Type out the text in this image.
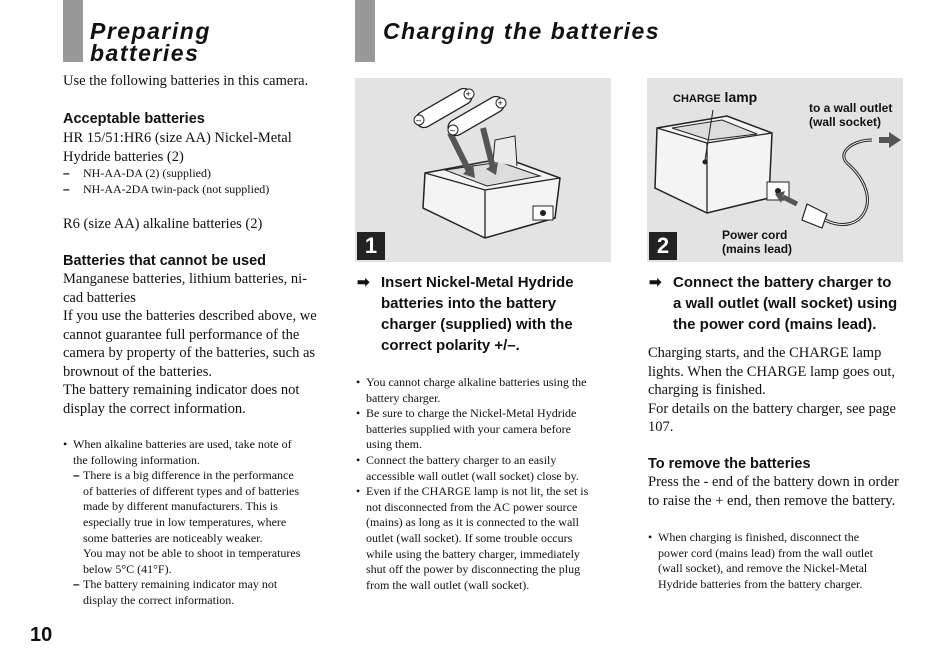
Preparing
batteries
Use the following batteries in this camera.
Acceptable batteries
HR 15/51:HR6 (size AA) Nickel-Metal
Hydride batteries (2)
– NH-AA-DA (2) (supplied)
– NH-AA-2DA twin-pack (not supplied)
R6 (size AA) alkaline batteries (2)
Batteries that cannot be used
Manganese batteries, lithium batteries, ni-
cad batteries
If you use the batteries described above, we
cannot guarantee full performance of the
camera by property of the batteries, such as
brownout of the batteries.
The battery remaining indicator does not
display the correct information.
• When alkaline batteries are used, take note of
the following information.
– There is a big difference in the performance
of batteries of different types and of batteries
made by different manufacturers. This is
especially true in low temperatures, where
some batteries are noticeably weaker.
You may not be able to shoot in temperatures
below 5°C (41°F).
– The battery remaining indicator may not
display the correct information.
10
Charging the batteries
–
+
–
+
1
CHARGE lamp
to a wall outlet
(wall socket)
Power cord
(mains lead)
2
➡ Insert Nickel-Metal Hydride
batteries into the battery
charger (supplied) with the
correct polarity +/–.
• You cannot charge alkaline batteries using the
battery charger.
• Be sure to charge the Nickel-Metal Hydride
batteries supplied with your camera before
using them.
• Connect the battery charger to an easily
accessible wall outlet (wall socket) close by.
• Even if the CHARGE lamp is not lit, the set is
not disconnected from the AC power source
(mains) as long as it is connected to the wall
outlet (wall socket). If some trouble occurs
while using the battery charger, immediately
shut off the power by disconnecting the plug
from the wall outlet (wall socket).
➡ Connect the battery charger to
a wall outlet (wall socket) using
the power cord (mains lead).
Charging starts, and the CHARGE lamp
lights. When the CHARGE lamp goes out,
charging is finished.
For details on the battery charger, see page
107.
To remove the batteries
Press the - end of the battery down in order
to raise the + end, then remove the battery.
• When charging is finished, disconnect the
power cord (mains lead) from the wall outlet
(wall socket), and remove the Nickel-Metal
Hydride batteries from the battery charger.
